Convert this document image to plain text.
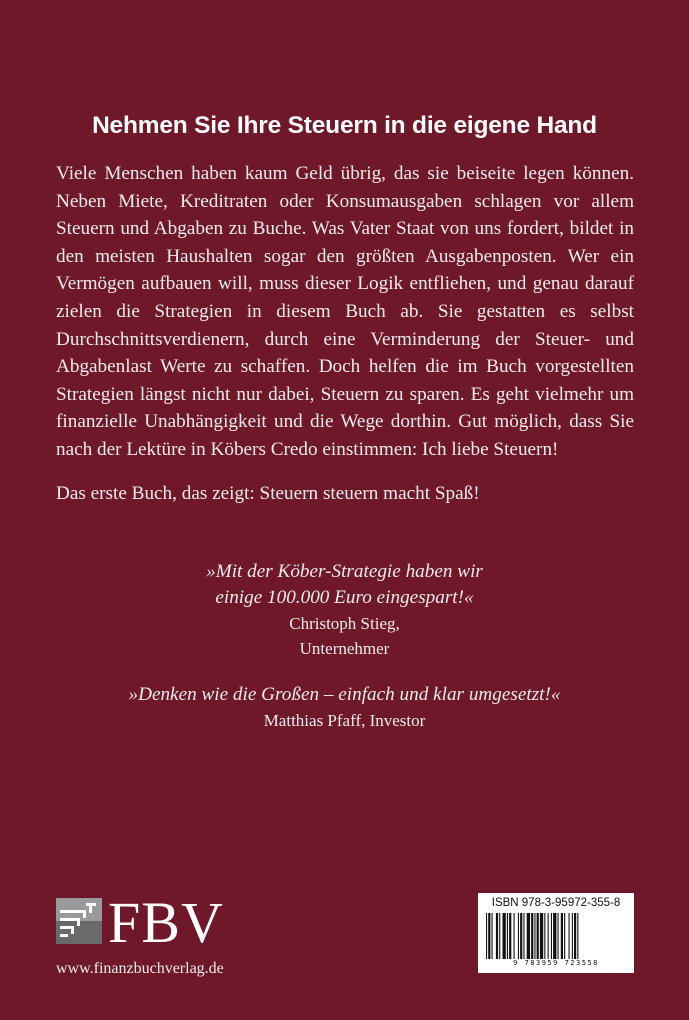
Nehmen Sie Ihre Steuern in die eigene Hand

Viele Menschen haben kaum Geld übrig, das sie beiseite legen können. Neben Miete, Kreditraten oder Konsumausgaben schlagen vor allem Steuern und Abgaben zu Buche. Was Vater Staat von uns fordert, bildet in den meisten Haushalten sogar den größten Ausgabenposten. Wer ein Vermögen aufbauen will, muss dieser Logik entfliehen, und genau darauf zielen die Strategien in diesem Buch ab. Sie gestatten es selbst Durchschnittsverdienern, durch eine Verminderung der Steuer- und Abgabenlast Werte zu schaffen. Doch helfen die im Buch vorgestellten Strategien längst nicht nur dabei, Steuern zu sparen. Es geht vielmehr um finanzielle Unabhängigkeit und die Wege dorthin. Gut möglich, dass Sie nach der Lektüre in Köbers Credo einstimmen: Ich liebe Steuern!

Das erste Buch, das zeigt: Steuern steuern macht Spaß!
»Mit der Köber-Strategie haben wir einige 100.000 Euro eingespart!«
Christoph Stieg,
Unternehmer
»Denken wie die Großen – einfach und klar umgesetzt!«
Matthias Pfaff, Investor
FBV
www.finanzbuchverlag.de
ISBN 978-3-95972-355-8
9 783959 723558
